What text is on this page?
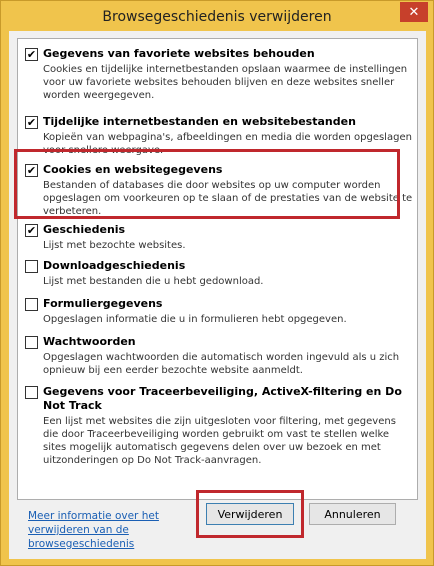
Browsegeschiedenis verwijderen	✕
✔ Gegevens van favoriete websites behouden
Cookies en tijdelijke internetbestanden opslaan waarmee de instellingen voor uw favoriete websites behouden blijven en deze websites sneller worden weergegeven.
✔ Tijdelijke internetbestanden en websitebestanden
Kopieën van webpagina's, afbeeldingen en media die worden opgeslagen voor snellere weergave.
✔ Cookies en websitegegevens
Bestanden of databases die door websites op uw computer worden opgeslagen om voorkeuren op te slaan of de prestaties van de website te verbeteren.
✔ Geschiedenis
Lijst met bezochte websites.
Downloadgeschiedenis
Lijst met bestanden die u hebt gedownload.
Formuliergegevens
Opgeslagen informatie die u in formulieren hebt opgegeven.
Wachtwoorden
Opgeslagen wachtwoorden die automatisch worden ingevuld als u zich opnieuw bij een eerder bezochte website aanmeldt.
Gegevens voor Traceerbeveiliging, ActiveX-filtering en Do Not Track
Een lijst met websites die zijn uitgesloten voor filtering, met gegevens die door Traceerbeveiliging worden gebruikt om vast te stellen welke sites mogelijk automatisch gegevens delen over uw bezoek en met uitzonderingen op Do Not Track-aanvragen.
Meer informatie over het verwijderen van de browsegeschiedenis
Verwijderen	Annuleren
